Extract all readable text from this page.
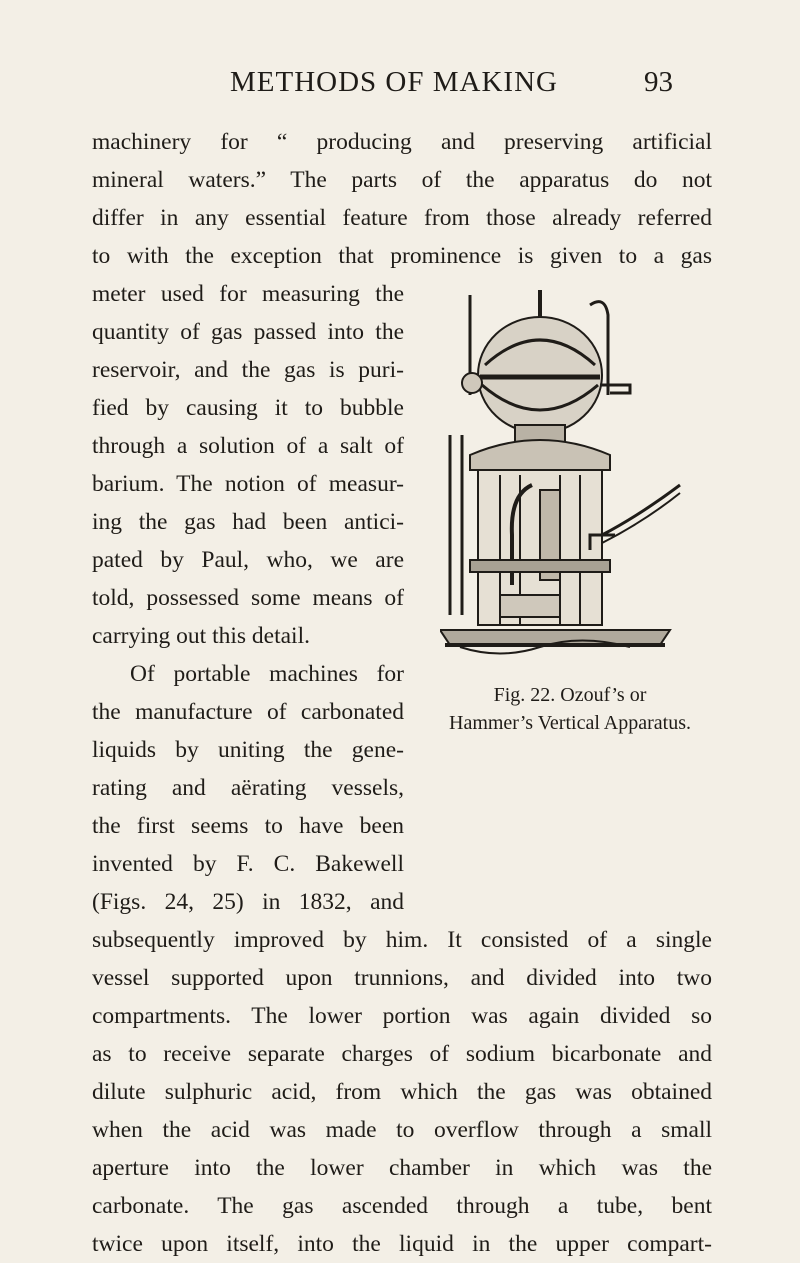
METHODS OF MAKING	93
machinery for “ producing and preserving artificial
mineral waters.” The parts of the apparatus do not
differ in any essential feature from those already referred
to with the exception that prominence is given to a gas
meter used for measuring the
quantity of gas passed into the
reservoir, and the gas is puri-
fied by causing it to bubble
through a solution of a salt of
barium. The notion of measur-
ing the gas had been antici-
pated by Paul, who, we are
told, possessed some means of
carrying out this detail.
Of portable machines for
the manufacture of carbonated
liquids by uniting the gene-
rating and aërating vessels,
the first seems to have been
invented by F. C. Bakewell
(Figs. 24, 25) in 1832, and
subsequently improved by him. It consisted of a single
vessel supported upon trunnions, and divided into two
compartments. The lower portion was again divided so
as to receive separate charges of sodium bicarbonate and
dilute sulphuric acid, from which the gas was obtained
when the acid was made to overflow through a small
aperture into the lower chamber in which was the
carbonate. The gas ascended through a tube, bent
twice upon itself, into the liquid in the upper compart-
Fig. 22. Ozouf’s or
Hammer’s Vertical Apparatus.
